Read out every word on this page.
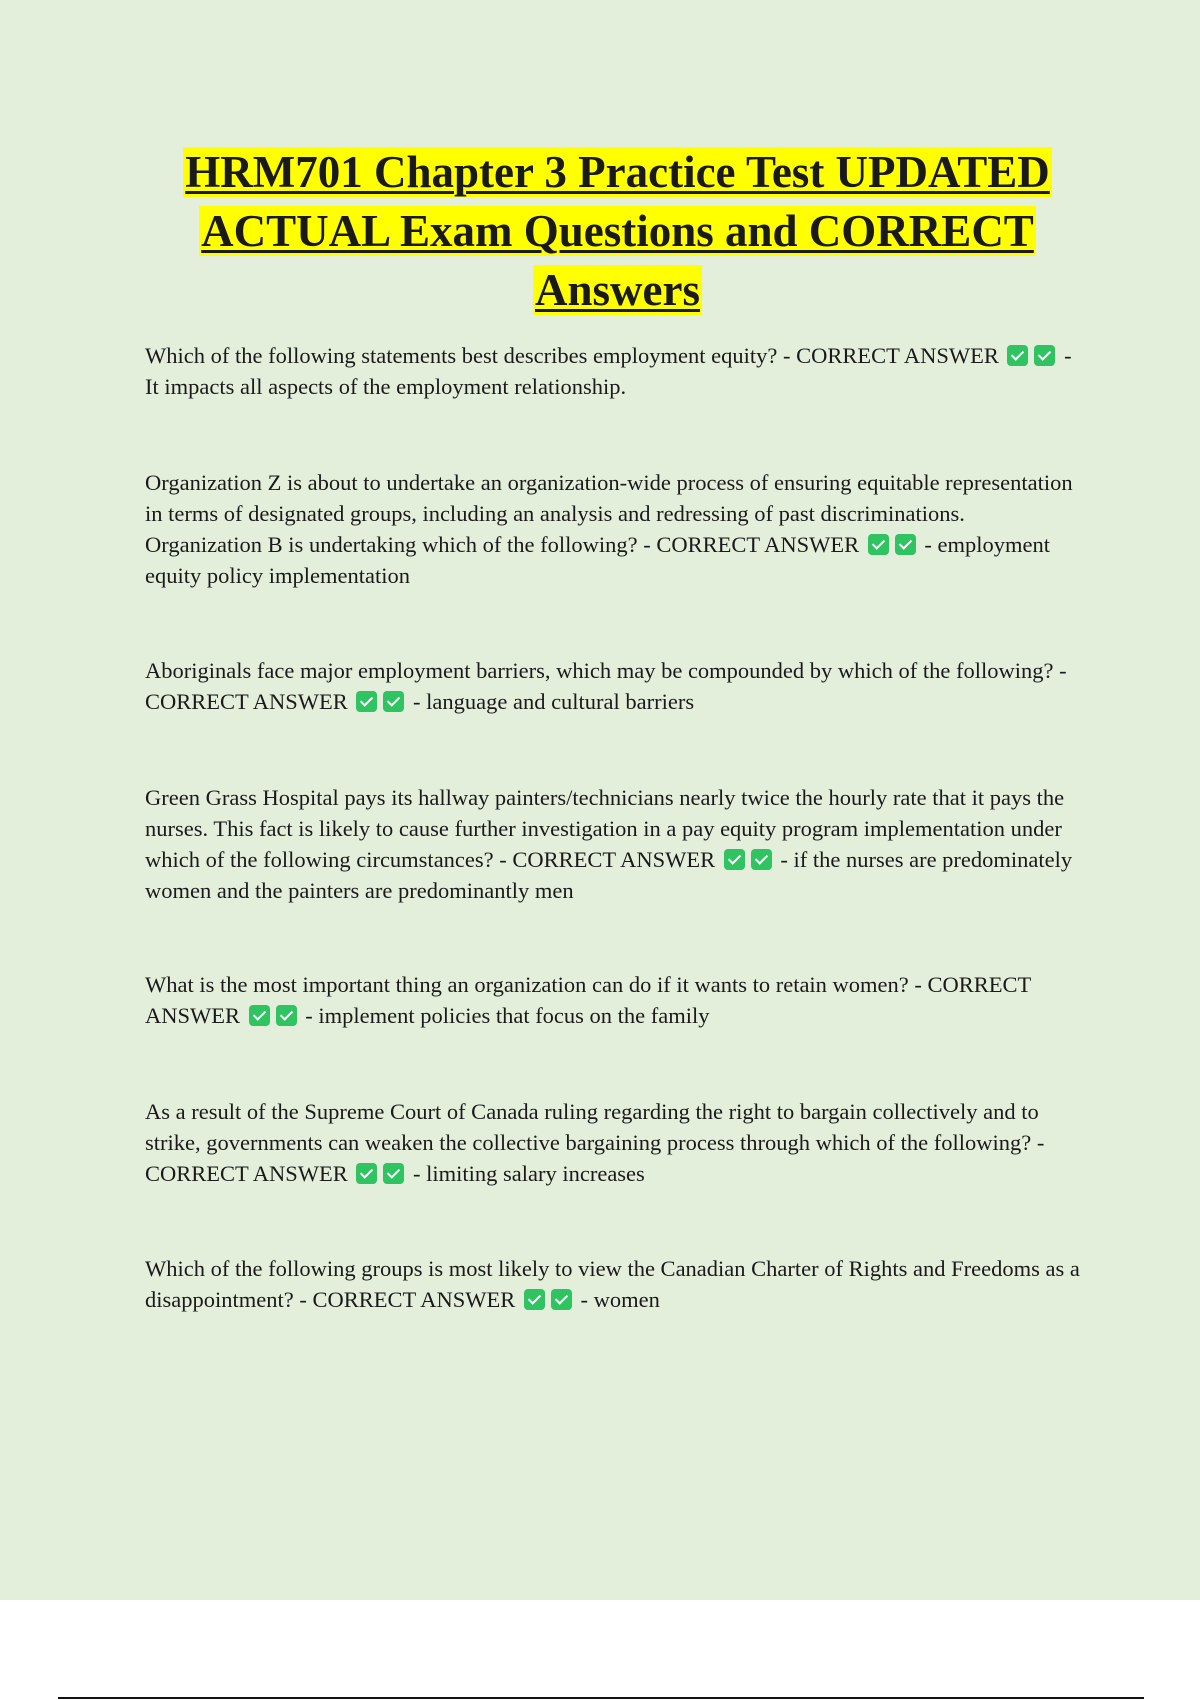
HRM701 Chapter 3 Practice Test UPDATED ACTUAL Exam Questions and CORRECT Answers

Which of the following statements best describes employment equity? - CORRECT ANSWER	- It impacts all aspects of the employment relationship.

Organization Z is about to undertake an organization-wide process of ensuring equitable representation in terms of designated groups, including an analysis and redressing of past discriminations. Organization B is undertaking which of the following? - CORRECT ANSWER	- employment equity policy implementation

Aboriginals face major employment barriers, which may be compounded by which of the following? - CORRECT ANSWER	- language and cultural barriers

Green Grass Hospital pays its hallway painters/technicians nearly twice the hourly rate that it pays the nurses. This fact is likely to cause further investigation in a pay equity program implementation under which of the following circumstances? - CORRECT ANSWER	- if the nurses are predominately women and the painters are predominantly men

What is the most important thing an organization can do if it wants to retain women? - CORRECT ANSWER	- implement policies that focus on the family

As a result of the Supreme Court of Canada ruling regarding the right to bargain collectively and to strike, governments can weaken the collective bargaining process through which of the following? - CORRECT ANSWER	- limiting salary increases

Which of the following groups is most likely to view the Canadian Charter of Rights and Freedoms as a disappointment? - CORRECT ANSWER	- women
